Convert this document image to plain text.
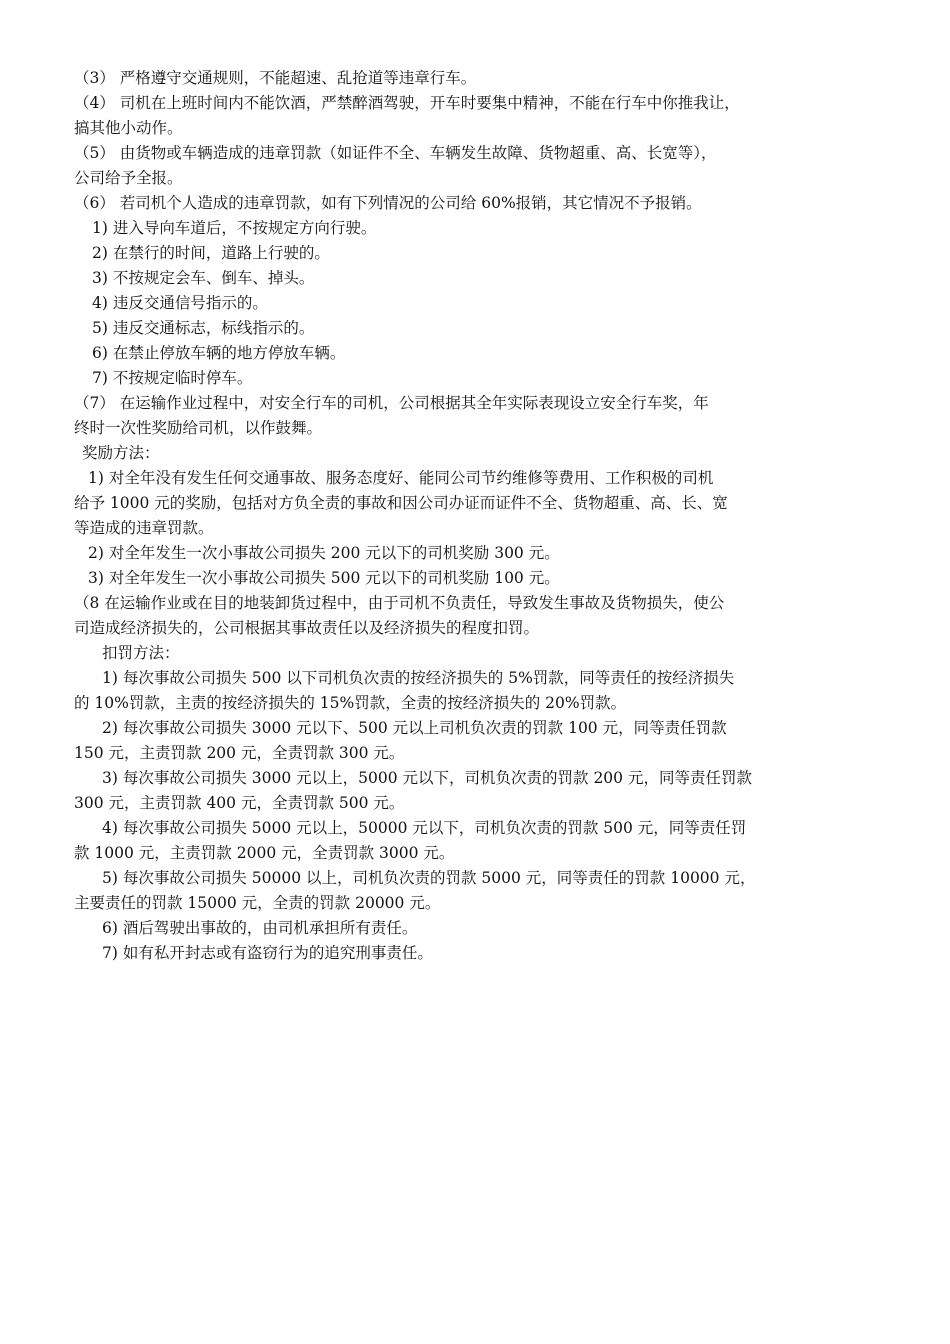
（3） 严格遵守交通规则，不能超速、乱抢道等违章行车。
（4） 司机在上班时间内不能饮酒，严禁醉酒驾驶，开车时要集中精神，不能在行车中你推我让，
搞其他小动作。
（5） 由货物或车辆造成的违章罚款（如证件不全、车辆发生故障、货物超重、高、长宽等），
公司给予全报。
（6） 若司机个人造成的违章罚款，如有下列情况的公司给 60%报销，其它情况不予报销。
1) 进入导向车道后，不按规定方向行驶。
2) 在禁行的时间，道路上行驶的。
3) 不按规定会车、倒车、掉头。
4) 违反交通信号指示的。
5) 违反交通标志，标线指示的。
6) 在禁止停放车辆的地方停放车辆。
7) 不按规定临时停车。
（7） 在运输作业过程中，对安全行车的司机，公司根据其全年实际表现设立安全行车奖，年
终时一次性奖励给司机，以作鼓舞。
奖励方法：
1) 对全年没有发生任何交通事故、服务态度好、能同公司节约维修等费用、工作积极的司机
给予 1000 元的奖励，包括对方负全责的事故和因公司办证而证件不全、货物超重、高、长、宽
等造成的违章罚款。
2) 对全年发生一次小事故公司损失 200 元以下的司机奖励 300 元。
3) 对全年发生一次小事故公司损失 500 元以下的司机奖励 100 元。
（8 在运输作业或在目的地装卸货过程中，由于司机不负责任，导致发生事故及货物损失，使公
司造成经济损失的，公司根据其事故责任以及经济损失的程度扣罚。
扣罚方法：
1) 每次事故公司损失 500 以下司机负次责的按经济损失的 5%罚款，同等责任的按经济损失
的 10%罚款，主责的按经济损失的 15%罚款，全责的按经济损失的 20%罚款。
2) 每次事故公司损失 3000 元以下、500 元以上司机负次责的罚款 100 元，同等责任罚款
150 元，主责罚款 200 元，全责罚款 300 元。
3) 每次事故公司损失 3000 元以上，5000 元以下，司机负次责的罚款 200 元，同等责任罚款
300 元，主责罚款 400 元，全责罚款 500 元。
4) 每次事故公司损失 5000 元以上，50000 元以下，司机负次责的罚款 500 元，同等责任罚
款 1000 元，主责罚款 2000 元，全责罚款 3000 元。
5) 每次事故公司损失 50000 以上，司机负次责的罚款 5000 元，同等责任的罚款 10000 元，
主要责任的罚款 15000 元，全责的罚款 20000 元。
6) 酒后驾驶出事故的，由司机承担所有责任。
7) 如有私开封志或有盗窃行为的追究刑事责任。
